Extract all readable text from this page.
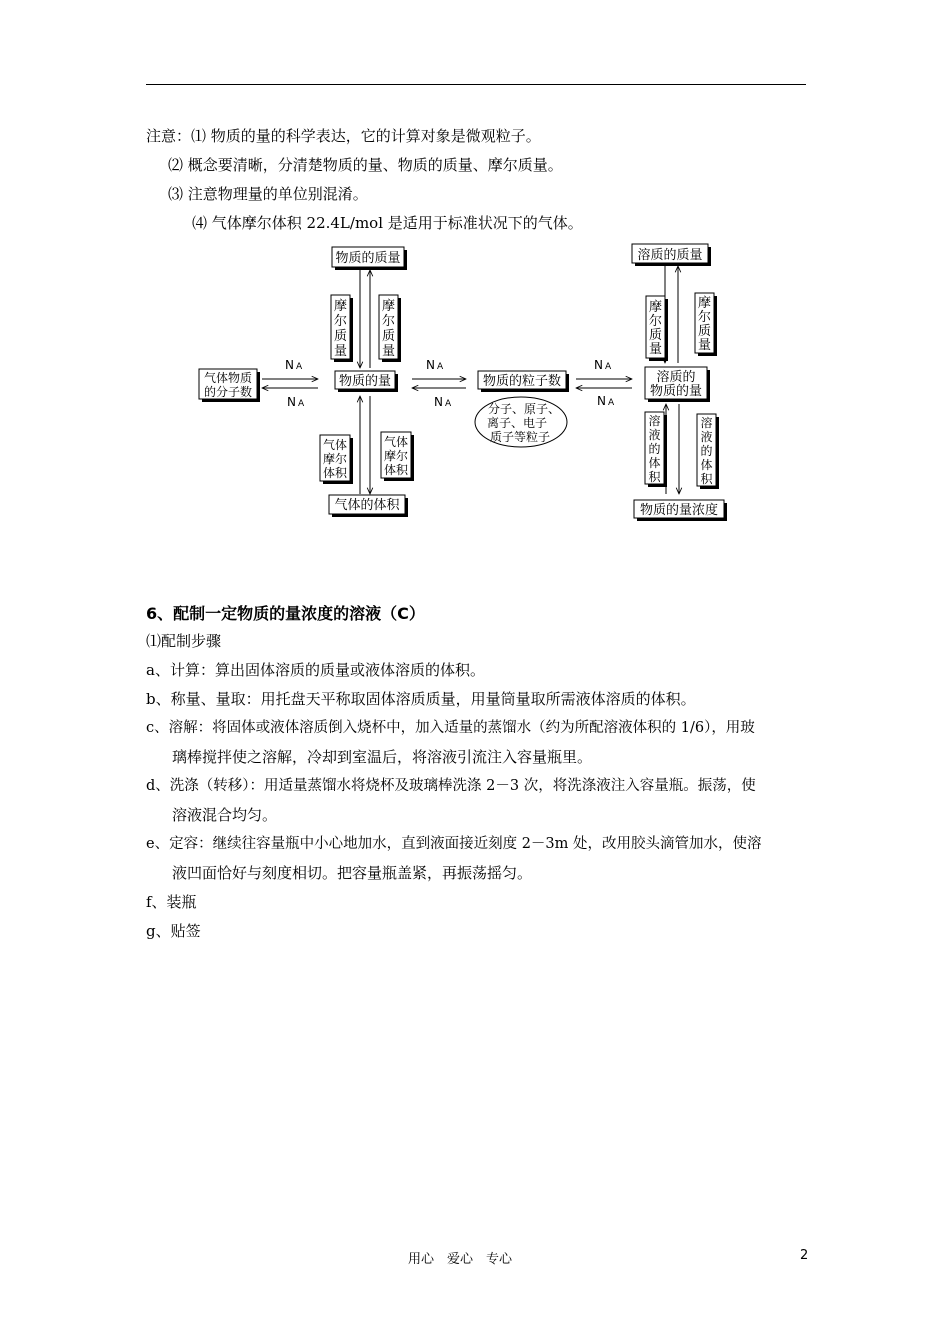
注意：⑴ 物质的量的科学表达，它的计算对象是微观粒子。
⑵ 概念要清晰，分清楚物质的量、物质的质量、摩尔质量。
⑶ 注意物理量的单位别混淆。
⑷ 气体摩尔体积 22.4L/mol 是适用于标准状况下的气体。
物质的质量
摩
尔
质
量
摩
尔
质
量
气体物质
的分子数
N A
N A
物质的量
N A
N A
物质的粒子数
分子、原子、
离子、电子
质子等粒子
N A
N A
气体
摩尔
体积
气体
摩尔
体积
气体的体积
溶质的质量
摩
尔
质
量
摩
尔
质
量
溶质的
物质的量
溶
液
的
体
积
溶
液
的
体
积
物质的量浓度
6、配制一定物质的量浓度的溶液（C）
⑴配制步骤
a、计算：算出固体溶质的质量或液体溶质的体积。
b、称量、量取：用托盘天平称取固体溶质质量，用量筒量取所需液体溶质的体积。
c、溶解：将固体或液体溶质倒入烧杯中，加入适量的蒸馏水（约为所配溶液体积的 1/6），用玻
璃棒搅拌使之溶解，冷却到室温后，将溶液引流注入容量瓶里。
d、洗涤（转移）：用适量蒸馏水将烧杯及玻璃棒洗涤 2－3 次，将洗涤液注入容量瓶。振荡，使
溶液混合均匀。
e、定容：继续往容量瓶中小心地加水，直到液面接近刻度 2－3m 处，改用胶头滴管加水，使溶
液凹面恰好与刻度相切。把容量瓶盖紧，再振荡摇匀。
f、装瓶
g、贴签
用心　爱心　专心	2
